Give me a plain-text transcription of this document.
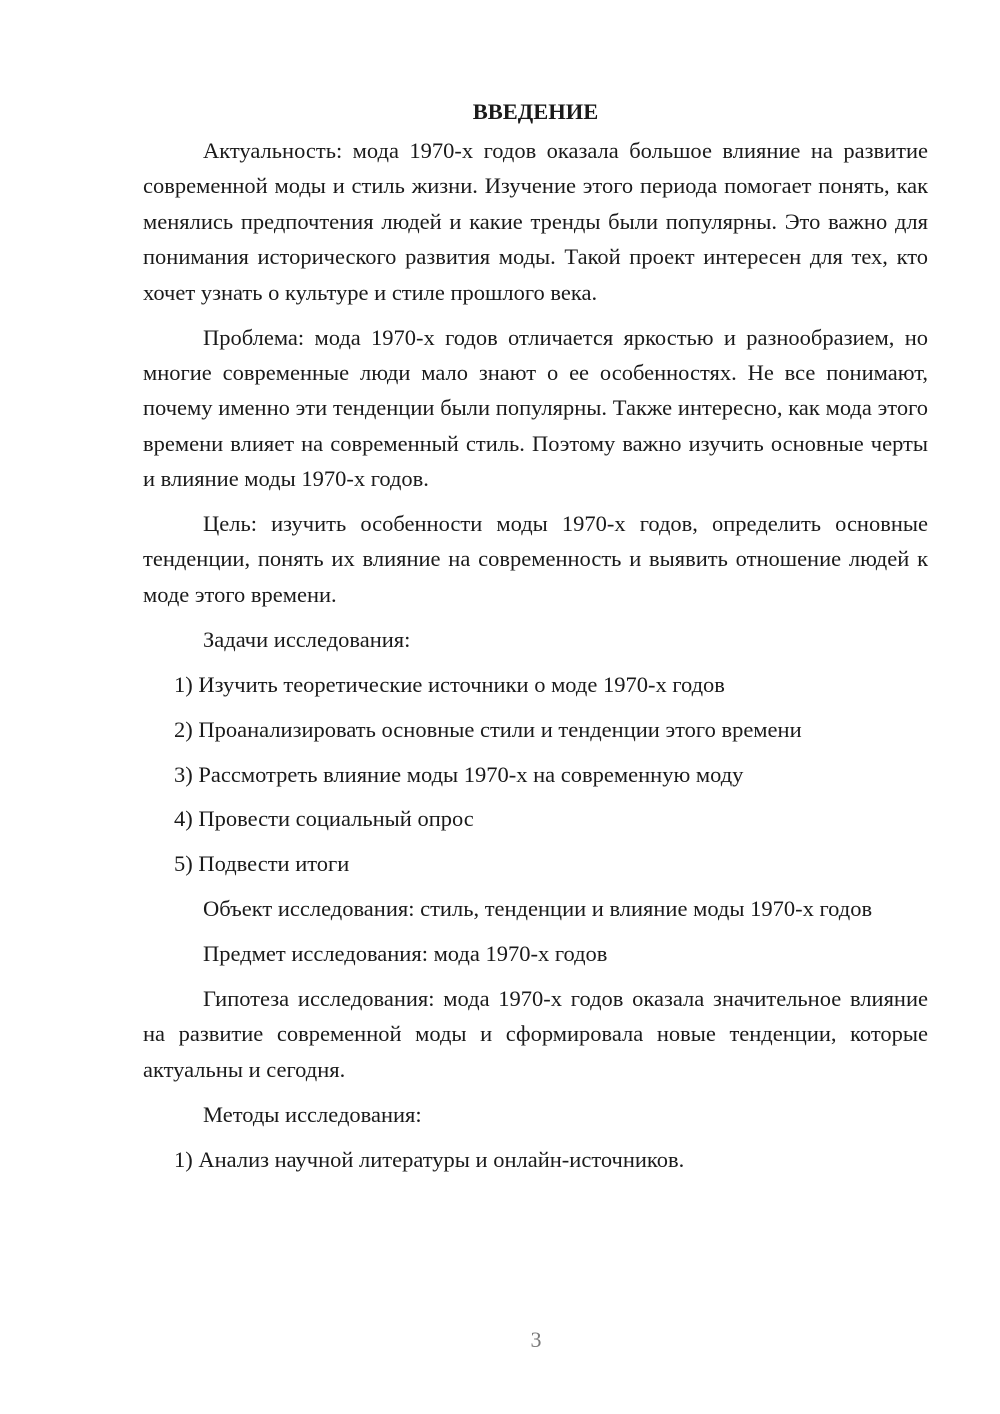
ВВЕДЕНИЕ

Актуальность: мода 1970-х годов оказала большое влияние на развитие современной моды и стиль жизни. Изучение этого периода помогает понять, как менялись предпочтения людей и какие тренды были популярны. Это важно для понимания исторического развития моды. Такой проект интересен для тех, кто хочет узнать о культуре и стиле прошлого века.

Проблема: мода 1970-х годов отличается яркостью и разнообразием, но многие современные люди мало знают о ее особенностях. Не все понимают, почему именно эти тенденции были популярны. Также интересно, как мода этого времени влияет на современный стиль. Поэтому важно изучить основные черты и влияние моды 1970-х годов.

Цель: изучить особенности моды 1970-х годов, определить основные тенденции, понять их влияние на современность и выявить отношение людей к моде этого времени.

Задачи исследования:

1) Изучить теоретические источники о моде 1970-х годов
2) Проанализировать основные стили и тенденции этого времени
3) Рассмотреть влияние моды 1970-х на современную моду
4) Провести социальный опрос
5) Подвести итоги

Объект исследования: стиль, тенденции и влияние моды 1970-х годов

Предмет исследования: мода 1970-х годов

Гипотеза исследования: мода 1970-х годов оказала значительное влияние на развитие современной моды и сформировала новые тенденции, которые актуальны и сегодня.

Методы исследования:

1) Анализ научной литературы и онлайн-источников.
3
